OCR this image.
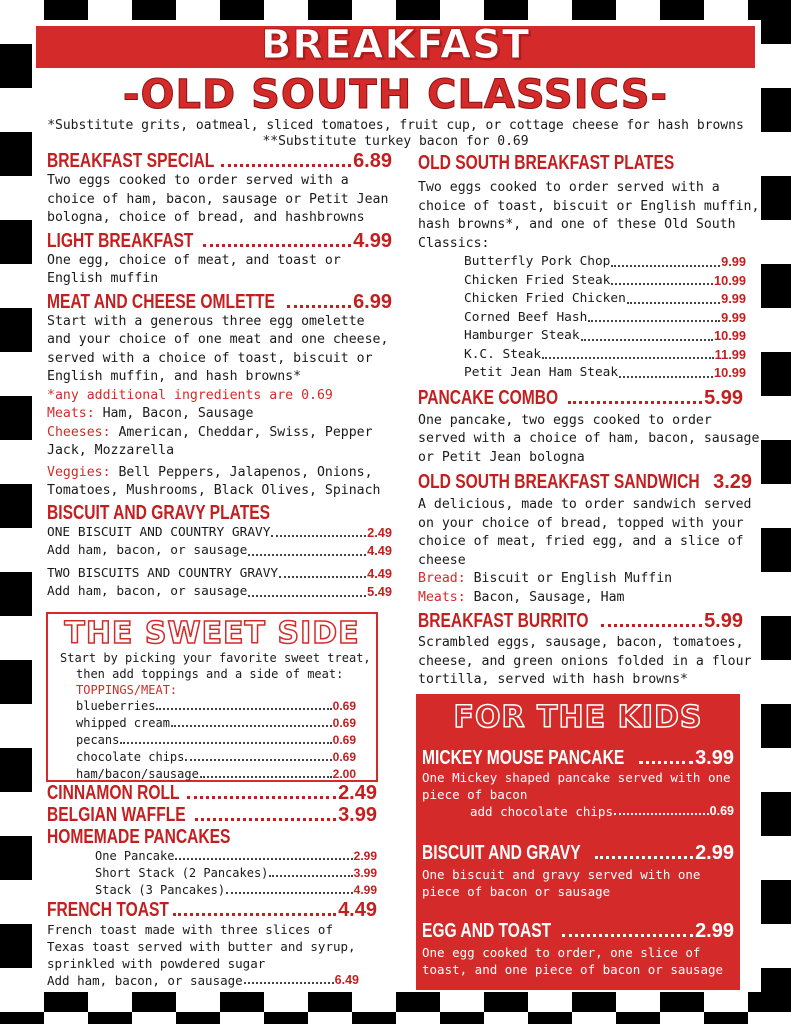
BREAKFAST
-OLD SOUTH CLASSICS-
*Substitute grits, oatmeal, sliced tomatoes, fruit cup, or cottage cheese for hash browns
**Substitute turkey bacon for 0.69
BREAKFAST SPECIAL	6.89
Two eggs cooked to order served with a choice of ham, bacon, sausage or Petit Jean bologna, choice of bread, and hashbrowns
LIGHT BREAKFAST	4.99
One egg, choice of meat, and toast or English muffin
MEAT AND CHEESE OMLETTE	6.99
Start with a generous three egg omelette and your choice of one meat and one cheese, served with a choice of toast, biscuit or English muffin, and hash browns*
*any additional ingredients are 0.69
Meats: Ham, Bacon, Sausage
Cheeses: American, Cheddar, Swiss, Pepper Jack, Mozzarella
Veggies: Bell Peppers, Jalapenos, Onions, Tomatoes, Mushrooms, Black Olives, Spinach
BISCUIT AND GRAVY PLATES
ONE BISCUIT AND COUNTRY GRAVY	2.49
Add ham, bacon, or sausage	4.49
TWO BISCUITS AND COUNTRY GRAVY	4.49
Add ham, bacon, or sausage	5.49
THE SWEET SIDE
Start by picking your favorite sweet treat,
then add toppings and a side of meat:
TOPPINGS/MEAT:
blueberries	0.69
whipped cream	0.69
pecans	0.69
chocolate chips	0.69
ham/bacon/sausage	2.00
CINNAMON ROLL	2.49
BELGIAN WAFFLE	3.99
HOMEMADE PANCAKES
One Pancake	2.99
Short Stack (2 Pancakes)	3.99
Stack (3 Pancakes)	4.99
FRENCH TOAST	4.49
French toast made with three slices of Texas toast served with butter and syrup, sprinkled with powdered sugar
Add ham, bacon, or sausage	6.49
OLD SOUTH BREAKFAST PLATES
Two eggs cooked to order served with a choice of toast, biscuit or English muffin, hash browns*, and one of these Old South Classics:
Butterfly Pork Chop	9.99
Chicken Fried Steak	10.99
Chicken Fried Chicken	9.99
Corned Beef Hash	9.99
Hamburger Steak	10.99
K.C. Steak	11.99
Petit Jean Ham Steak	10.99
PANCAKE COMBO	5.99
One pancake, two eggs cooked to order served with a choice of ham, bacon, sausage or Petit Jean bologna
OLD SOUTH BREAKFAST SANDWICH 3.29
A delicious, made to order sandwich served on your choice of bread, topped with your choice of meat, fried egg, and a slice of cheese
Bread: Biscuit or English Muffin
Meats: Bacon, Sausage, Ham
BREAKFAST BURRITO	5.99
Scrambled eggs, sausage, bacon, tomatoes, cheese, and green onions folded in a flour tortilla, served with hash browns*
FOR THE KIDS
MICKEY MOUSE PANCAKE	3.99
One Mickey shaped pancake served with one piece of bacon
add chocolate chips	0.69
BISCUIT AND GRAVY	2.99
One biscuit and gravy served with one piece of bacon or sausage
EGG AND TOAST	2.99
One egg cooked to order, one slice of toast, and one piece of bacon or sausage
